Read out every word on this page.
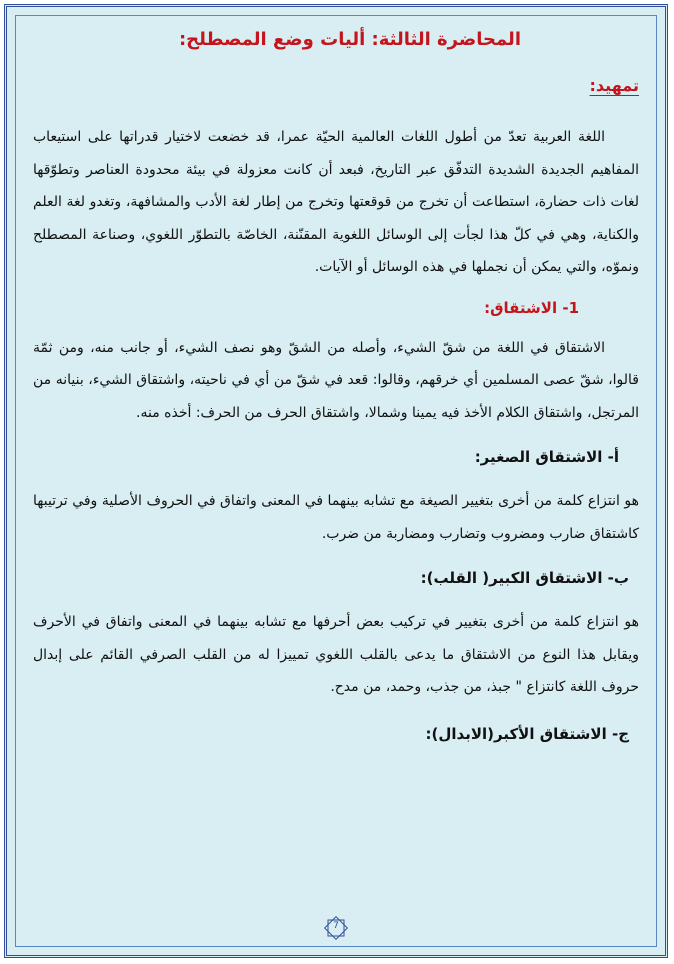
المحاضرة الثالثة: أليات وضع المصطلح:
تمهيد:

اللغة العربية تعدّ من أطول اللغات العالمية الحيّة عمرا، قد خضعت لاختيار قدراتها على استيعاب المفاهيم الجديدة الشديدة التدفّق عبر التاريخ، فبعد أن كانت معزولة في بيئة محدودة العناصر وتطوّقها لغات ذات حضارة، استطاعت أن تخرج من قوقعتها وتخرج من إطار لغة الأدب والمشافهة، وتغدو لغة العلم والكناية، وهي في كلّ هذا لجأت إلى الوسائل اللغوية المقنّنة، الخاصّة بالتطوّر اللغوي، وصناعة المصطلح ونموّه، والتي يمكن أن نجملها في هذه الوسائل أو الآيات.

1- الاشتقاق:

الاشتقاق في اللغة من شقّ الشيء، وأصله من الشقّ وهو نصف الشيء، أو جانب منه، ومن ثمّة قالوا، شقّ عصى المسلمين أي خرقهم، وقالوا: قعد في شقّ من أي في ناحيته، واشتقاق الشيء، بنيانه من المرتجل، واشتقاق الكلام الأخذ فيه يمينا وشمالا، واشتقاق الحرف من الحرف: أخذه منه.

أ- الاشتقاق الصغير:

هو انتزاع كلمة من أخرى بتغيير الصيغة مع تشابه بينهما في المعنى واتفاق في الحروف الأصلية وفي ترتيبها كاشتقاق ضارب ومضروب وتضارب ومضاربة من ضرب.

ب- الاشتقاق الكبير( القلب):

هو انتزاع كلمة من أخرى بتغيير في تركيب بعض أحرفها مع تشابه بينهما في المعنى واتفاق في الأحرف ويقابل هذا النوع من الاشتقاق ما يدعى بالقلب اللغوي تمييزا له من القلب الصرفي القائم على إبدال حروف اللغة كانتزاع " جبذ، من جذب، وحمد، من مدح.

ج- الاشتقاق الأكبر(الابدال):
7
